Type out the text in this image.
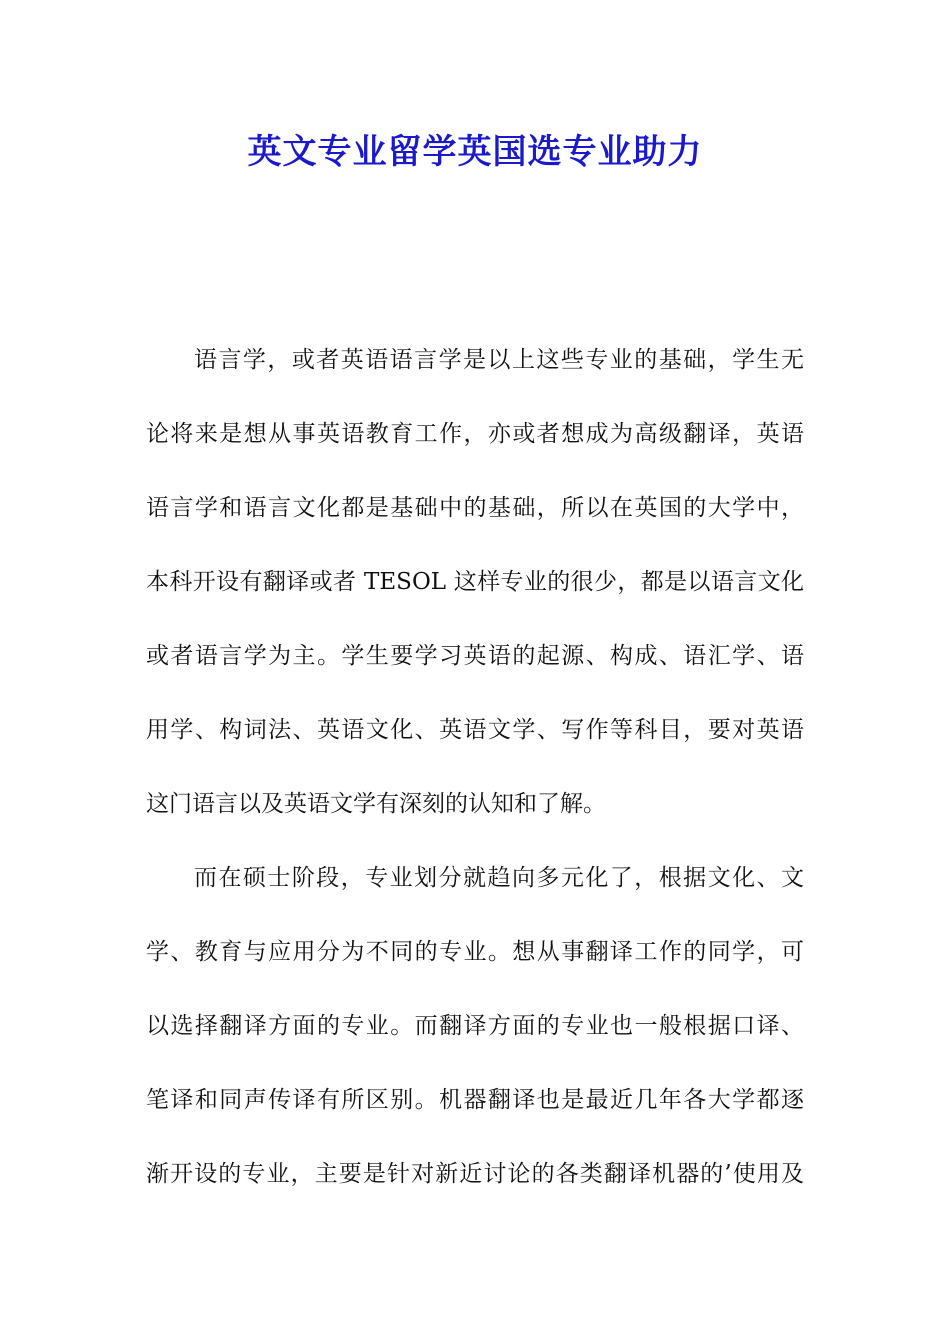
英文专业留学英国选专业助力
语言学，或者英语语言学是以上这些专业的基础，学生无
论将来是想从事英语教育工作，亦或者想成为高级翻译，英语
语言学和语言文化都是基础中的基础，所以在英国的大学中，
本科开设有翻译或者 TESOL 这样专业的很少，都是以语言文化
或者语言学为主。学生要学习英语的起源、构成、语汇学、语
用学、构词法、英语文化、英语文学、写作等科目，要对英语
这门语言以及英语文学有深刻的认知和了解。
而在硕士阶段，专业划分就趋向多元化了，根据文化、文
学、教育与应用分为不同的专业。想从事翻译工作的同学，可
以选择翻译方面的专业。而翻译方面的专业也一般根据口译、
笔译和同声传译有所区别。机器翻译也是最近几年各大学都逐
渐开设的专业，主要是针对新近讨论的各类翻译机器的’使用及
